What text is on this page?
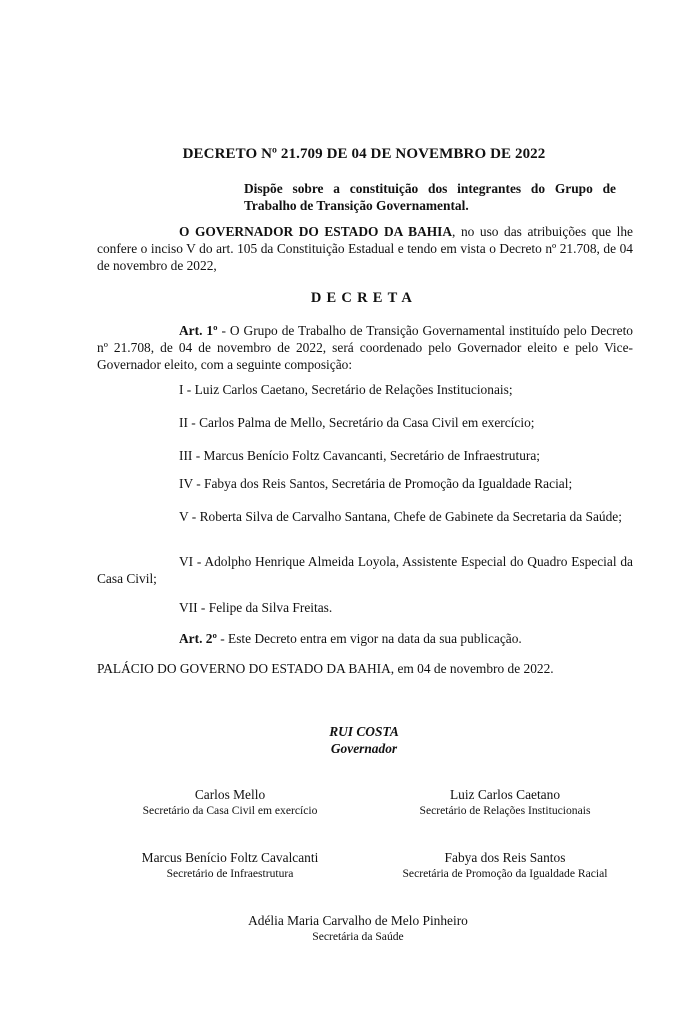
DECRETO Nº 21.709 DE 04 DE NOVEMBRO DE 2022
Dispõe sobre a constituição dos integrantes do Grupo de Trabalho de Transição Governamental.
O GOVERNADOR DO ESTADO DA BAHIA, no uso das atribuições que lhe confere o inciso V do art. 105 da Constituição Estadual e tendo em vista o Decreto nº 21.708, de 04 de novembro de 2022,
DECRETA
Art. 1º - O Grupo de Trabalho de Transição Governamental instituído pelo Decreto nº 21.708, de 04 de novembro de 2022, será coordenado pelo Governador eleito e pelo Vice-Governador eleito, com a seguinte composição:
I - Luiz Carlos Caetano, Secretário de Relações Institucionais;
II - Carlos Palma de Mello, Secretário da Casa Civil em exercício;
III - Marcus Benício Foltz Cavancanti, Secretário de Infraestrutura;
IV - Fabya dos Reis Santos, Secretária de Promoção da Igualdade Racial;
V - Roberta Silva de Carvalho Santana, Chefe de Gabinete da Secretaria da Saúde;
VI - Adolpho Henrique Almeida Loyola, Assistente Especial do Quadro Especial da Casa Civil;
VII - Felipe da Silva Freitas.
Art. 2º - Este Decreto entra em vigor na data da sua publicação.
PALÁCIO DO GOVERNO DO ESTADO DA BAHIA, em 04 de novembro de 2022.
RUI COSTA
Governador
Carlos Mello
Secretário da Casa Civil em exercício
Luiz Carlos Caetano
Secretário de Relações Institucionais
Marcus Benício Foltz Cavalcanti
Secretário de Infraestrutura
Fabya dos Reis Santos
Secretária de Promoção da Igualdade Racial
Adélia Maria Carvalho de Melo Pinheiro
Secretária da Saúde
